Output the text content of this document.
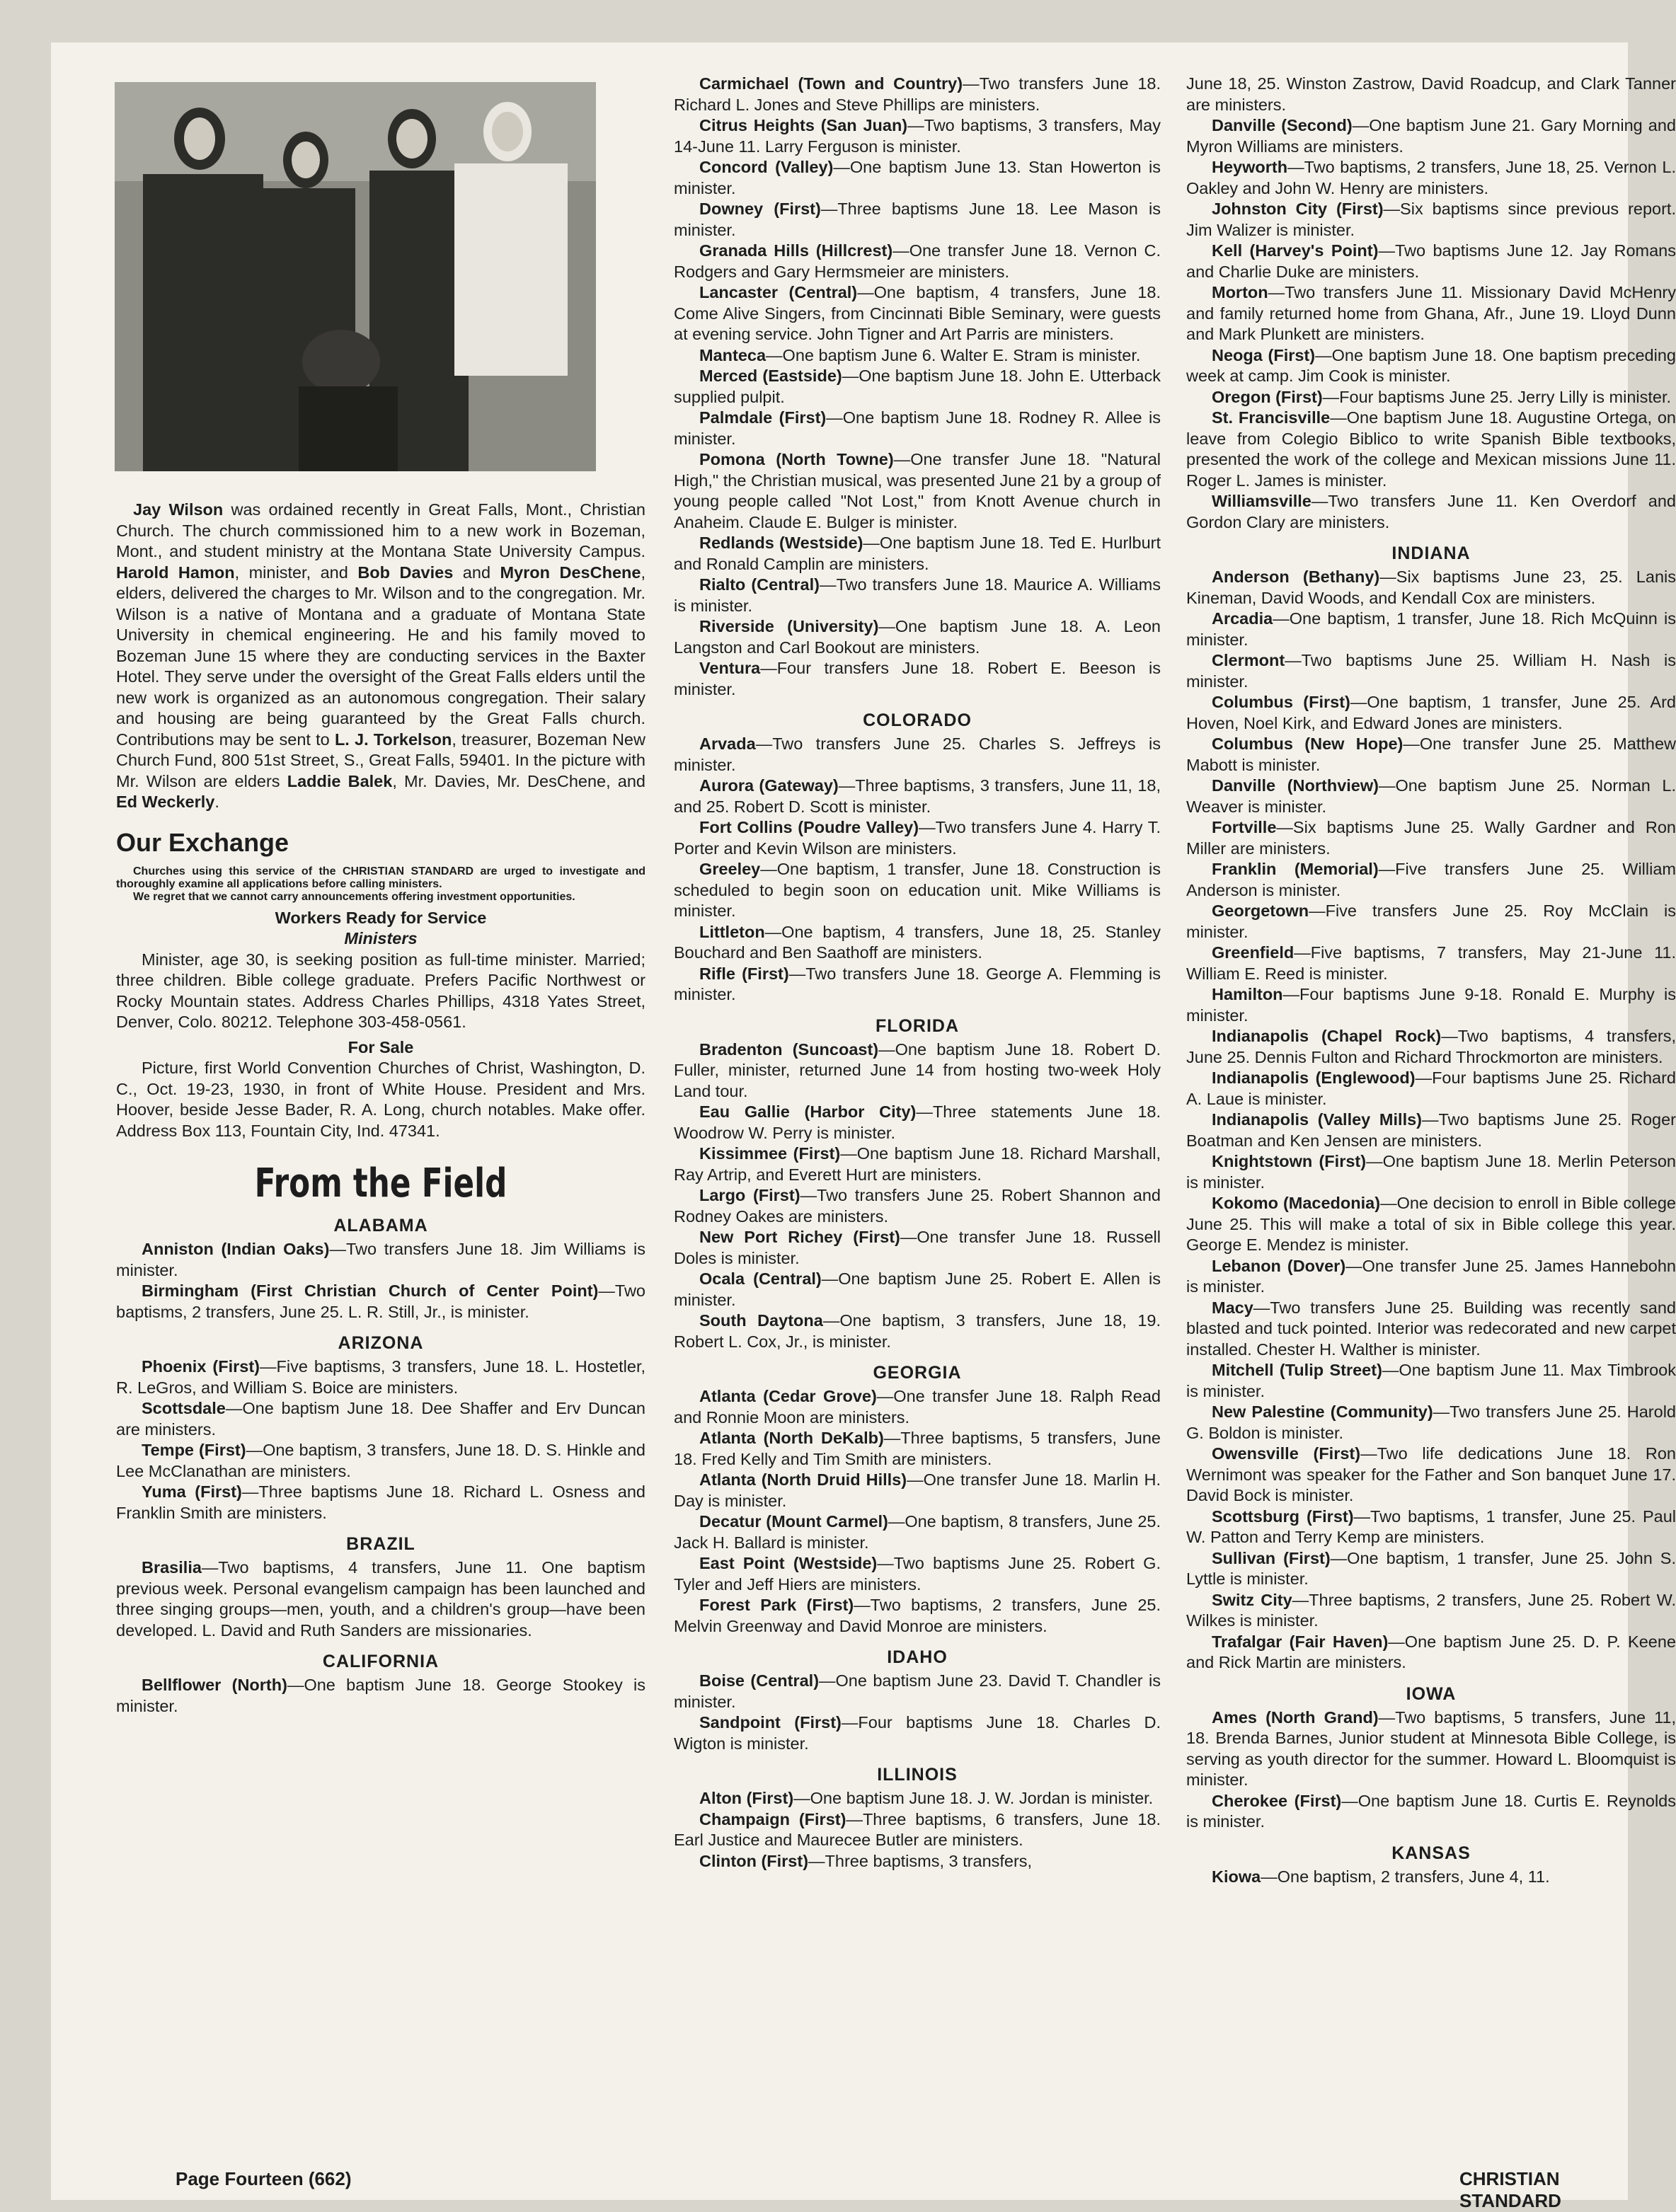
Jay Wilson was ordained recently in Great Falls, Mont., Christian Church. The church commissioned him to a new work in Bozeman, Mont., and student ministry at the Montana State University Campus. Harold Hamon, minister, and Bob Davies and Myron DesChene, elders, delivered the charges to Mr. Wilson and to the congregation. Mr. Wilson is a native of Montana and a graduate of Montana State University in chemical engineering. He and his family moved to Bozeman June 15 where they are conducting services in the Baxter Hotel. They serve under the oversight of the Great Falls elders until the new work is organized as an autonomous congregation. Their salary and housing are being guaranteed by the Great Falls church. Contributions may be sent to L. J. Torkelson, treasurer, Bozeman New Church Fund, 800 51st Street, S., Great Falls, 59401. In the picture with Mr. Wilson are elders Laddie Balek, Mr. Davies, Mr. DesChene, and Ed Weckerly.

Our Exchange

Churches using this service of the CHRISTIAN STANDARD are urged to investigate and thoroughly examine all applications before calling ministers.

We regret that we cannot carry announcements offering investment opportunities.

Workers Ready for Service
Ministers

Minister, age 30, is seeking position as full-time minister. Married; three children. Bible college graduate. Prefers Pacific Northwest or Rocky Mountain states. Address Charles Phillips, 4318 Yates Street, Denver, Colo. 80212. Telephone 303-458-0561.

For Sale

Picture, first World Convention Churches of Christ, Washington, D. C., Oct. 19-23, 1930, in front of White House. President and Mrs. Hoover, beside Jesse Bader, R. A. Long, church notables. Make offer. Address Box 113, Fountain City, Ind. 47341.

From the Field
ALABAMA

Anniston (Indian Oaks)—Two transfers June 18. Jim Williams is minister.

Birmingham (First Christian Church of Center Point)—Two baptisms, 2 transfers, June 25. L. R. Still, Jr., is minister.

ARIZONA

Phoenix (First)—Five baptisms, 3 transfers, June 18. L. Hostetler, R. LeGros, and William S. Boice are ministers.

Scottsdale—One baptism June 18. Dee Shaffer and Erv Duncan are ministers.

Tempe (First)—One baptism, 3 transfers, June 18. D. S. Hinkle and Lee McClanathan are ministers.

Yuma (First)—Three baptisms June 18. Richard L. Osness and Franklin Smith are ministers.

BRAZIL

Brasilia—Two baptisms, 4 transfers, June 11. One baptism previous week. Personal evangelism campaign has been launched and three singing groups—men, youth, and a children's group—have been developed. L. David and Ruth Sanders are missionaries.

CALIFORNIA

Bellflower (North)—One baptism June 18. George Stookey is minister.

Carmichael (Town and Country)—Two transfers June 18. Richard L. Jones and Steve Phillips are ministers.

Citrus Heights (San Juan)—Two baptisms, 3 transfers, May 14-June 11. Larry Ferguson is minister.

Concord (Valley)—One baptism June 13. Stan Howerton is minister.

Downey (First)—Three baptisms June 18. Lee Mason is minister.

Granada Hills (Hillcrest)—One transfer June 18. Vernon C. Rodgers and Gary Hermsmeier are ministers.

Lancaster (Central)—One baptism, 4 transfers, June 18. Come Alive Singers, from Cincinnati Bible Seminary, were guests at evening service. John Tigner and Art Parris are ministers.

Manteca—One baptism June 6. Walter E. Stram is minister.

Merced (Eastside)—One baptism June 18. John E. Utterback supplied pulpit.

Palmdale (First)—One baptism June 18. Rodney R. Allee is minister.

Pomona (North Towne)—One transfer June 18. "Natural High," the Christian musical, was presented June 21 by a group of young people called "Not Lost," from Knott Avenue church in Anaheim. Claude E. Bulger is minister.

Redlands (Westside)—One baptism June 18. Ted E. Hurlburt and Ronald Camplin are ministers.

Rialto (Central)—Two transfers June 18. Maurice A. Williams is minister.

Riverside (University)—One baptism June 18. A. Leon Langston and Carl Bookout are ministers.

Ventura—Four transfers June 18. Robert E. Beeson is minister.

COLORADO

Arvada—Two transfers June 25. Charles S. Jeffreys is minister.

Aurora (Gateway)—Three baptisms, 3 transfers, June 11, 18, and 25. Robert D. Scott is minister.

Fort Collins (Poudre Valley)—Two transfers June 4. Harry T. Porter and Kevin Wilson are ministers.

Greeley—One baptism, 1 transfer, June 18. Construction is scheduled to begin soon on education unit. Mike Williams is minister.

Littleton—One baptism, 4 transfers, June 18, 25. Stanley Bouchard and Ben Saathoff are ministers.

Rifle (First)—Two transfers June 18. George A. Flemming is minister.

FLORIDA

Bradenton (Suncoast)—One baptism June 18. Robert D. Fuller, minister, returned June 14 from hosting two-week Holy Land tour.

Eau Gallie (Harbor City)—Three statements June 18. Woodrow W. Perry is minister.

Kissimmee (First)—One baptism June 18. Richard Marshall, Ray Artrip, and Everett Hurt are ministers.

Largo (First)—Two transfers June 25. Robert Shannon and Rodney Oakes are ministers.

New Port Richey (First)—One transfer June 18. Russell Doles is minister.

Ocala (Central)—One baptism June 25. Robert E. Allen is minister.

South Daytona—One baptism, 3 transfers, June 18, 19. Robert L. Cox, Jr., is minister.

GEORGIA

Atlanta (Cedar Grove)—One transfer June 18. Ralph Read and Ronnie Moon are ministers.

Atlanta (North DeKalb)—Three baptisms, 5 transfers, June 18. Fred Kelly and Tim Smith are ministers.

Atlanta (North Druid Hills)—One transfer June 18. Marlin H. Day is minister.

Decatur (Mount Carmel)—One baptism, 8 transfers, June 25. Jack H. Ballard is minister.

East Point (Westside)—Two baptisms June 25. Robert G. Tyler and Jeff Hiers are ministers.

Forest Park (First)—Two baptisms, 2 transfers, June 25. Melvin Greenway and David Monroe are ministers.

IDAHO

Boise (Central)—One baptism June 23. David T. Chandler is minister.

Sandpoint (First)—Four baptisms June 18. Charles D. Wigton is minister.

ILLINOIS

Alton (First)—One baptism June 18. J. W. Jordan is minister.

Champaign (First)—Three baptisms, 6 transfers, June 18. Earl Justice and Maurecee Butler are ministers.

Clinton (First)—Three baptisms, 3 transfers,

June 18, 25. Winston Zastrow, David Roadcup, and Clark Tanner are ministers.

Danville (Second)—One baptism June 21. Gary Morning and Myron Williams are ministers.

Heyworth—Two baptisms, 2 transfers, June 18, 25. Vernon L. Oakley and John W. Henry are ministers.

Johnston City (First)—Six baptisms since previous report. Jim Walizer is minister.

Kell (Harvey's Point)—Two baptisms June 12. Jay Romans and Charlie Duke are ministers.

Morton—Two transfers June 11. Missionary David McHenry and family returned home from Ghana, Afr., June 19. Lloyd Dunn and Mark Plunkett are ministers.

Neoga (First)—One baptism June 18. One baptism preceding week at camp. Jim Cook is minister.

Oregon (First)—Four baptisms June 25. Jerry Lilly is minister.

St. Francisville—One baptism June 18. Augustine Ortega, on leave from Colegio Biblico to write Spanish Bible textbooks, presented the work of the college and Mexican missions June 11. Roger L. James is minister.

Williamsville—Two transfers June 11. Ken Overdorf and Gordon Clary are ministers.

INDIANA

Anderson (Bethany)—Six baptisms June 23, 25. Lanis Kineman, David Woods, and Kendall Cox are ministers.

Arcadia—One baptism, 1 transfer, June 18. Rich McQuinn is minister.

Clermont—Two baptisms June 25. William H. Nash is minister.

Columbus (First)—One baptism, 1 transfer, June 25. Ard Hoven, Noel Kirk, and Edward Jones are ministers.

Columbus (New Hope)—One transfer June 25. Matthew Mabott is minister.

Danville (Northview)—One baptism June 25. Norman L. Weaver is minister.

Fortville—Six baptisms June 25. Wally Gardner and Ron Miller are ministers.

Franklin (Memorial)—Five transfers June 25. William Anderson is minister.

Georgetown—Five transfers June 25. Roy McClain is minister.

Greenfield—Five baptisms, 7 transfers, May 21-June 11. William E. Reed is minister.

Hamilton—Four baptisms June 9-18. Ronald E. Murphy is minister.

Indianapolis (Chapel Rock)—Two baptisms, 4 transfers, June 25. Dennis Fulton and Richard Throckmorton are ministers.

Indianapolis (Englewood)—Four baptisms June 25. Richard A. Laue is minister.

Indianapolis (Valley Mills)—Two baptisms June 25. Roger Boatman and Ken Jensen are ministers.

Knightstown (First)—One baptism June 18. Merlin Peterson is minister.

Kokomo (Macedonia)—One decision to enroll in Bible college June 25. This will make a total of six in Bible college this year. George E. Mendez is minister.

Lebanon (Dover)—One transfer June 25. James Hannebohn is minister.

Macy—Two transfers June 25. Building was recently sand blasted and tuck pointed. Interior was redecorated and new carpet installed. Chester H. Walther is minister.

Mitchell (Tulip Street)—One baptism June 11. Max Timbrook is minister.

New Palestine (Community)—Two transfers June 25. Harold G. Boldon is minister.

Owensville (First)—Two life dedications June 18. Ron Wernimont was speaker for the Father and Son banquet June 17. David Bock is minister.

Scottsburg (First)—Two baptisms, 1 transfer, June 25. Paul W. Patton and Terry Kemp are ministers.

Sullivan (First)—One baptism, 1 transfer, June 25. John S. Lyttle is minister.

Switz City—Three baptisms, 2 transfers, June 25. Robert W. Wilkes is minister.

Trafalgar (Fair Haven)—One baptism June 25. D. P. Keene and Rick Martin are ministers.

IOWA

Ames (North Grand)—Two baptisms, 5 transfers, June 11, 18. Brenda Barnes, Junior student at Minnesota Bible College, is serving as youth director for the summer. Howard L. Bloomquist is minister.

Cherokee (First)—One baptism June 18. Curtis E. Reynolds is minister.

KANSAS

Kiowa—One baptism, 2 transfers, June 4, 11.

Page Fourteen (662)	CHRISTIAN STANDARD
